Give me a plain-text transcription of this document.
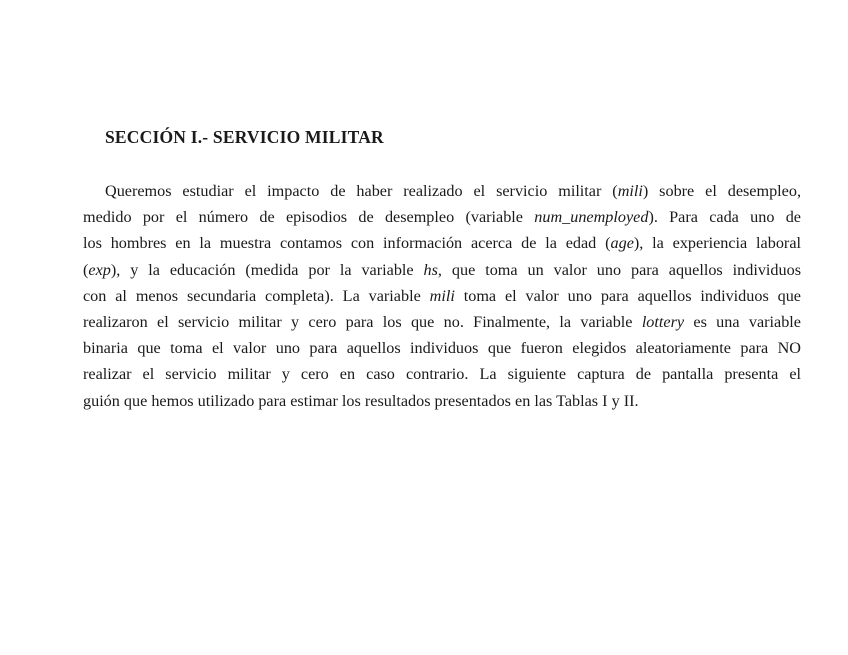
SECCIÓN I.- SERVICIO MILITAR
Queremos estudiar el impacto de haber realizado el servicio militar (mili) sobre el desempleo,
medido por el número de episodios de desempleo (variable num_unemployed). Para cada uno de
los hombres en la muestra contamos con información acerca de la edad (age), la experiencia laboral
(exp), y la educación (medida por la variable hs, que toma un valor uno para aquellos individuos
con al menos secundaria completa). La variable mili toma el valor uno para aquellos individuos que
realizaron el servicio militar y cero para los que no. Finalmente, la variable lottery es una variable
binaria que toma el valor uno para aquellos individuos que fueron elegidos aleatoriamente para NO
realizar el servicio militar y cero en caso contrario. La siguiente captura de pantalla presenta el
guión que hemos utilizado para estimar los resultados presentados en las Tablas I y II.
